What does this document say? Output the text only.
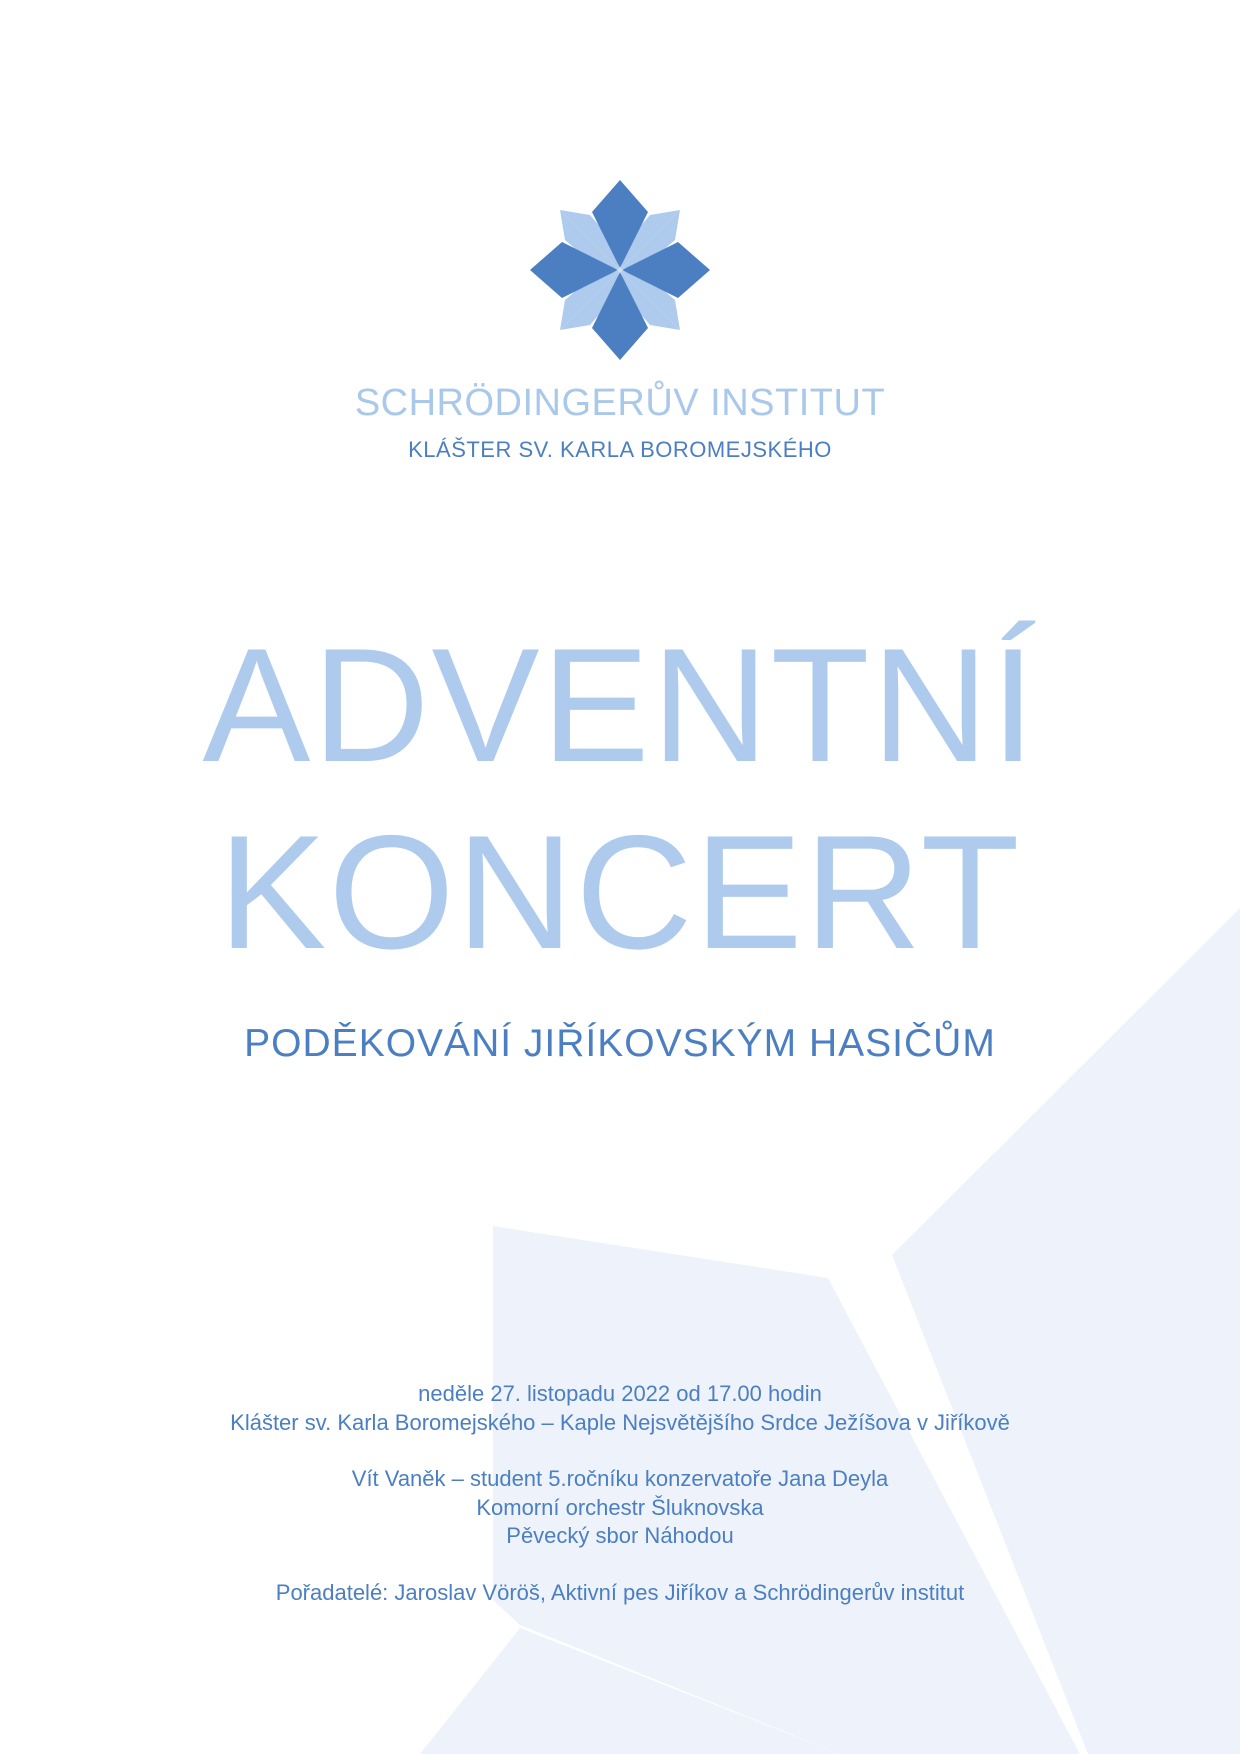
SCHRÖDINGERŮV INSTITUT
KLÁŠTER SV. KARLA BOROMEJSKÉHO
ADVENTNÍ
KONCERT
PODĚKOVÁNÍ JIŘÍKOVSKÝM HASIČŮM
neděle 27. listopadu 2022 od 17.00 hodin
Klášter sv. Karla Boromejského – Kaple Nejsvětějšího Srdce Ježíšova v Jiříkově
Vít Vaněk – student 5.ročníku konzervatoře Jana Deyla
Komorní orchestr Šluknovska
Pěvecký sbor Náhodou
Pořadatelé: Jaroslav Vöröš, Aktivní pes Jiříkov a Schrödingerův institut
